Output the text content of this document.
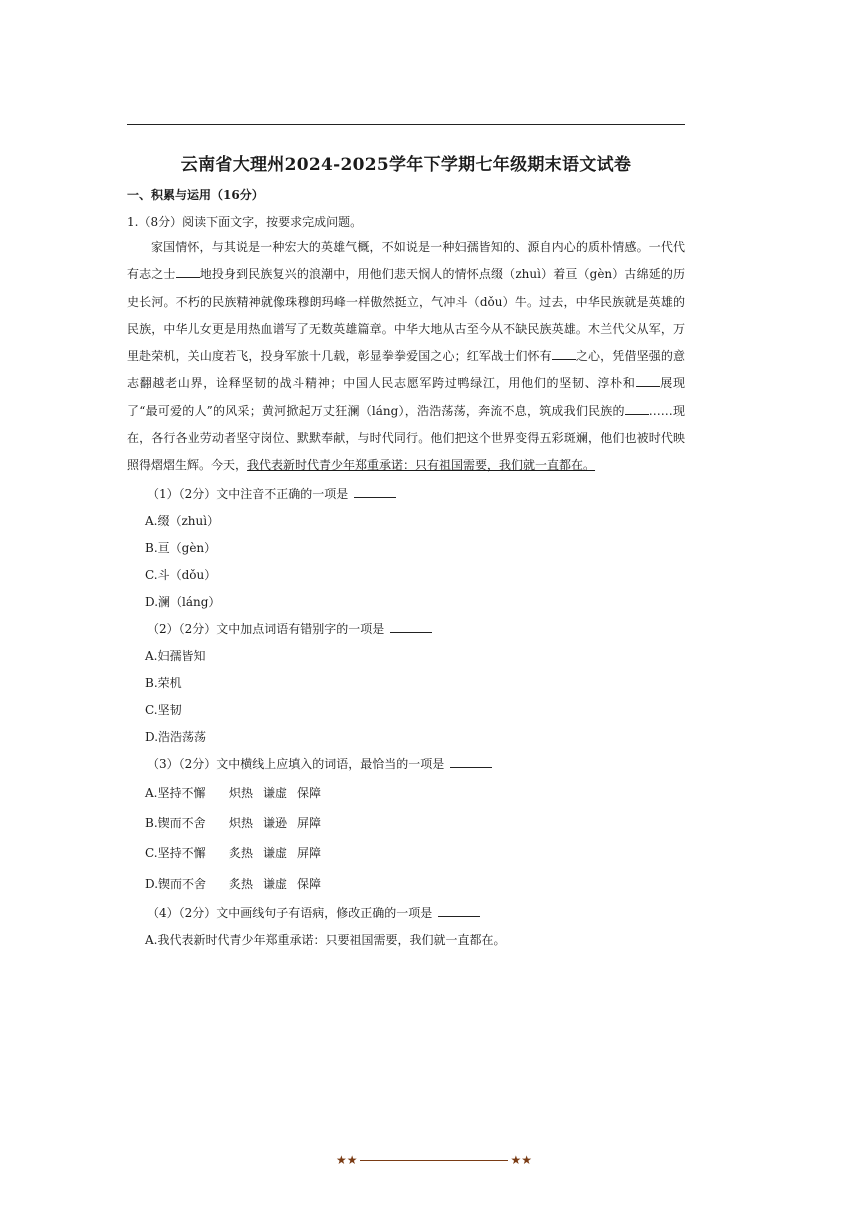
云南省大理州2024-2025学年下学期七年级期末语文试卷
一、积累与运用（16分）
1.（8分）阅读下面文字，按要求完成问题。
家国情怀，与其说是一种宏大的英雄气概，不如说是一种妇孺皆知的、源自内心的质朴情感。一代代有志之士 地投身到民族复兴的浪潮中，用他们悲天悯人的情怀点缀（zhuì）着亘（gèn）古绵延的历史长河。不朽的民族精神就像珠穆朗玛峰一样傲然挺立，气冲斗（dǒu）牛。过去，中华民族就是英雄的民族，中华儿女更是用热血谱写了无数英雄篇章。中华大地从古至今从不缺民族英雄。木兰代父从军，万里赴荣机，关山度若飞，投身军旅十几载，彰显拳拳爱国之心；红军战士们怀有 之心，凭借坚强的意志翻越老山界，诠释坚韧的战斗精神；中国人民志愿军跨过鸭绿江，用他们的坚韧、淳朴和 展现了“最可爱的人”的风采；黄河掀起万丈狂澜（láng），浩浩荡荡，奔流不息，筑成我们民族的 ……现在，各行各业劳动者坚守岗位、默默奉献，与时代同行。他们把这个世界变得五彩斑斓，他们也被时代映照得熠熠生辉。今天，我代表新时代青少年郑重承诺：只有祖国需要，我们就一直都在。
（1）（2分）文中注音不正确的一项是
A.缀（zhuì）
B.亘（gèn）
C.斗（dǒu）
D.澜（láng）
（2）（2分）文中加点词语有错别字的一项是
A.妇孺皆知
B.荣机
C.坚韧
D.浩浩荡荡
（3）（2分）文中横线上应填入的词语，最恰当的一项是
A.坚持不懈 炽热 谦虚 保障
B.锲而不舍 炽热 谦逊 屏障
C.坚持不懈 炙热 谦虚 屏障
D.锲而不舍 炙热 谦虚 保障
（4）（2分）文中画线句子有语病，修改正确的一项是
A.我代表新时代青少年郑重承诺：只要祖国需要，我们就一直都在。
★★	★★
